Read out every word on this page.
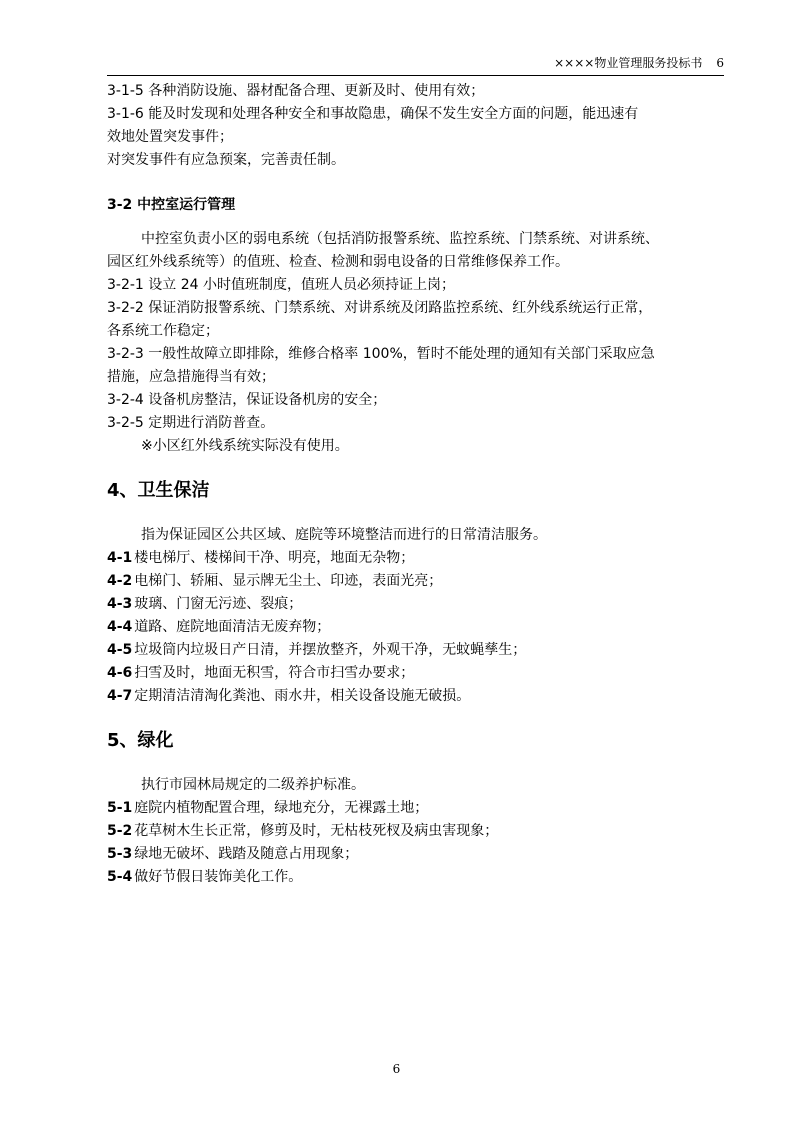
××××物业管理服务投标书 6

3-1-5 各种消防设施、器材配备合理、更新及时、使用有效；

3-1-6 能及时发现和处理各种安全和事故隐患，确保不发生安全方面的问题，能迅速有

效地处置突发事件；

对突发事件有应急预案，完善责任制。

3-2 中控室运行管理

中控室负责小区的弱电系统（包括消防报警系统、监控系统、门禁系统、对讲系统、

园区红外线系统等）的值班、检查、检测和弱电设备的日常维修保养工作。

3-2-1 设立 24 小时值班制度，值班人员必须持证上岗；

3-2-2 保证消防报警系统、门禁系统、对讲系统及闭路监控系统、红外线系统运行正常，

各系统工作稳定；

3-2-3 一般性故障立即排除，维修合格率 100%，暂时不能处理的通知有关部门采取应急

措施，应急措施得当有效；

3-2-4 设备机房整洁，保证设备机房的安全；

3-2-5 定期进行消防普查。

※小区红外线系统实际没有使用。

4、卫生保洁

指为保证园区公共区域、庭院等环境整洁而进行的日常清洁服务。

4-1 楼电梯厅、楼梯间干净、明亮，地面无杂物；

4-2 电梯门、轿厢、显示牌无尘土、印迹，表面光亮；

4-3 玻璃、门窗无污迹、裂痕；

4-4 道路、庭院地面清洁无废弃物；

4-5 垃圾筒内垃圾日产日清，并摆放整齐，外观干净，无蚊蝇孳生；

4-6 扫雪及时，地面无积雪，符合市扫雪办要求；

4-7 定期清洁清淘化粪池、雨水井，相关设备设施无破损。

5、绿化

执行市园林局规定的二级养护标准。

5-1 庭院内植物配置合理，绿地充分，无裸露土地；

5-2 花草树木生长正常，修剪及时，无枯枝死杈及病虫害现象；

5-3 绿地无破坏、践踏及随意占用现象；

5-4 做好节假日装饰美化工作。

6
